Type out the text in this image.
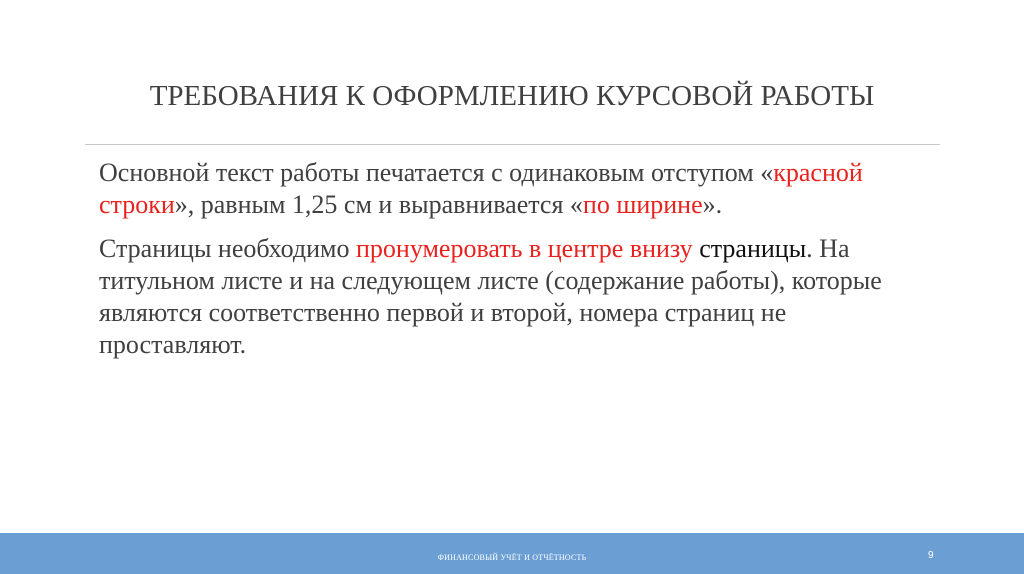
ТРЕБОВАНИЯ К ОФОРМЛЕНИЮ КУРСОВОЙ РАБОТЫ

Основной текст работы печатается с одинаковым отступом «красной строки», равным 1,25 см и выравнивается «по ширине».

Страницы необходимо пронумеровать в центре внизу страницы. На титульном листе и на следующем листе (содержание работы), которые являются соответственно первой и второй, номера страниц не проставляют.

ФИНАНСОВЫЙ УЧЁТ И ОТЧЁТНОСТЬ	9
